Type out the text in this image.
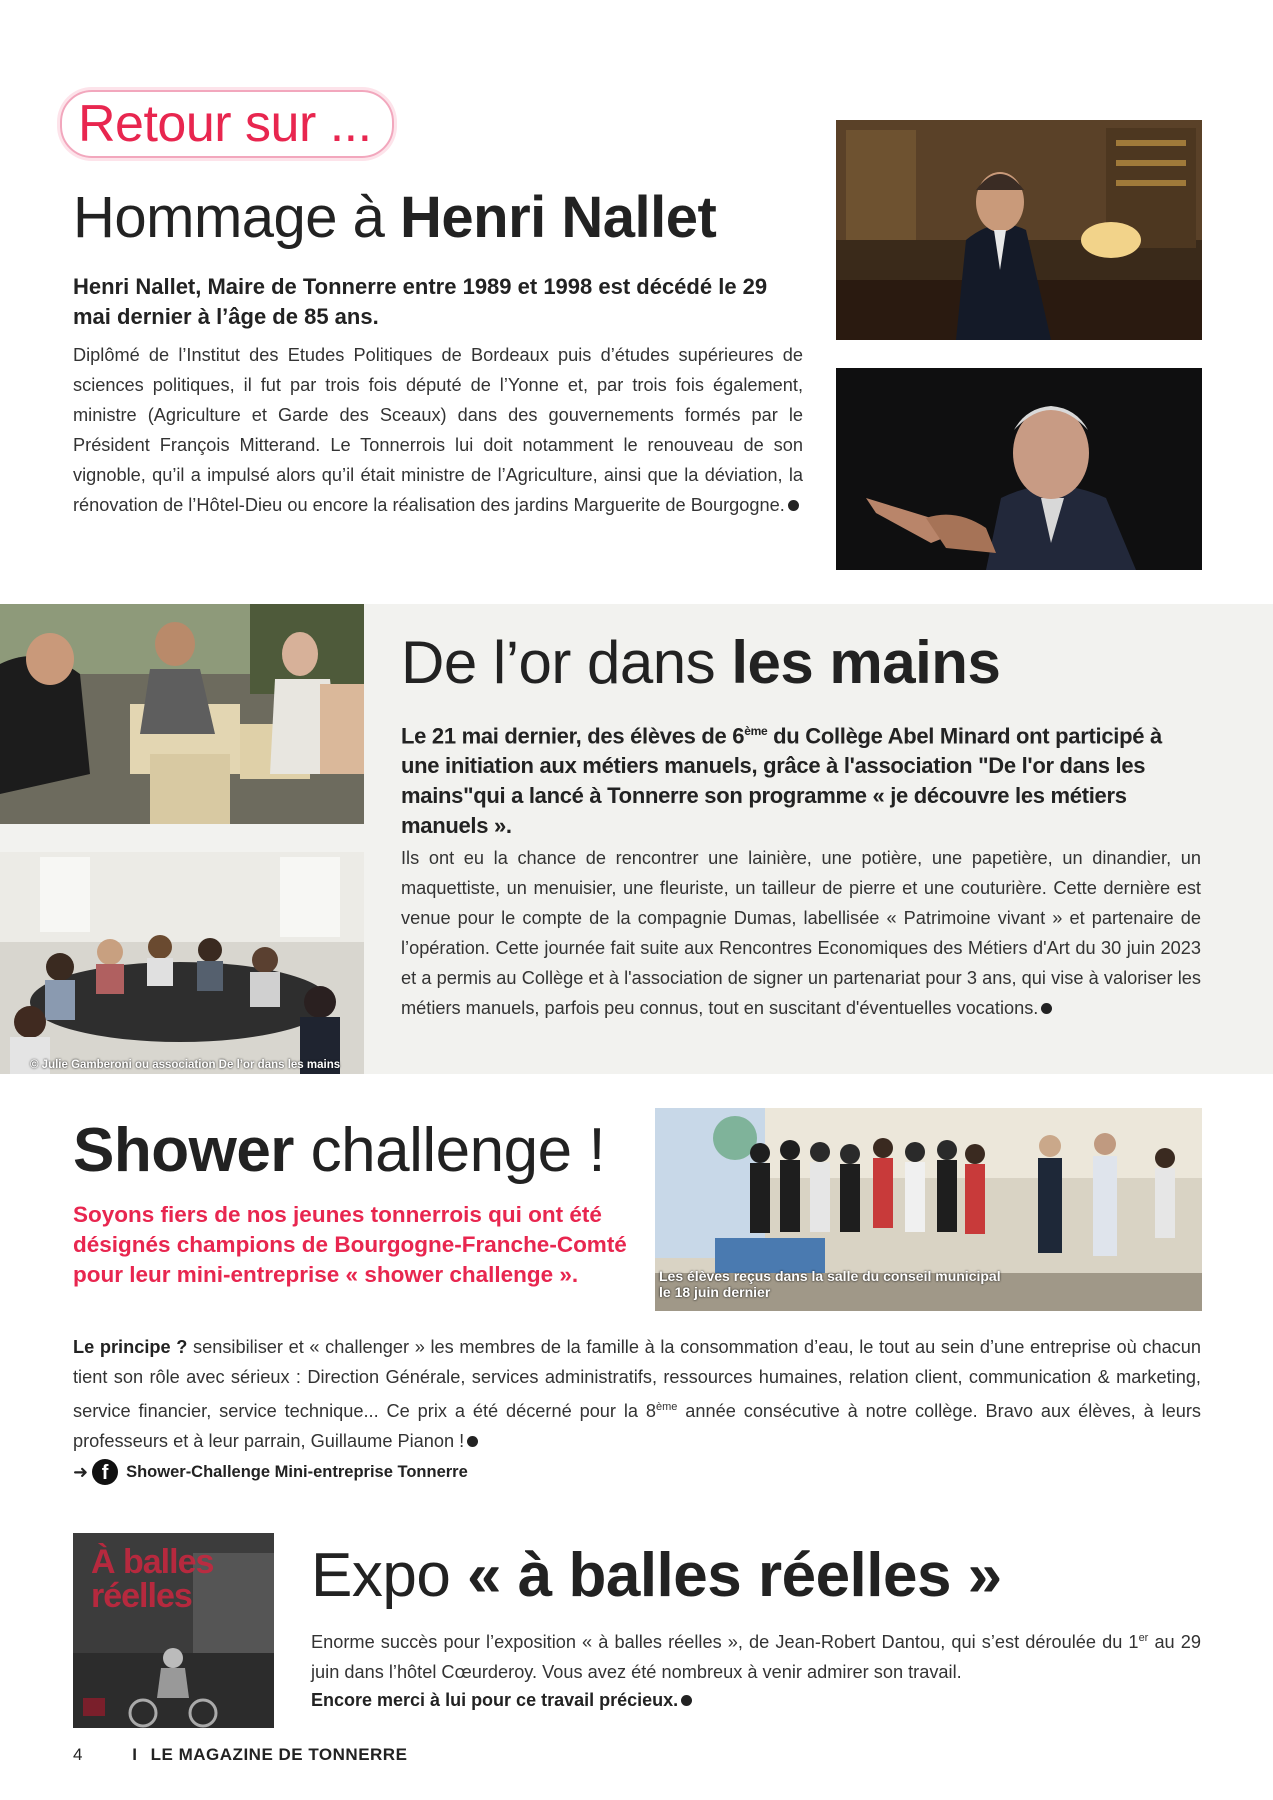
Retour sur ...
Hommage à Henri Nallet
Henri Nallet, Maire de Tonnerre entre 1989 et 1998 est décédé le 29 mai dernier à l’âge de 85 ans.
Diplômé de l’Institut des Etudes Politiques de Bordeaux puis d’études supérieures de sciences politiques, il fut par trois fois député de l’Yonne et, par trois fois également, ministre (Agriculture et Garde des Sceaux) dans des gouvernements formés par le Président François Mitterand. Le Tonnerrois lui doit notamment le renouveau de son vignoble, qu’il a impulsé alors qu’il était ministre de l’Agriculture, ainsi que la déviation, la rénovation de l’Hôtel-Dieu ou encore la réalisation des jardins Marguerite de Bourgogne.
© Julie Gamberoni ou association De l’or dans les mains
De l’or dans les mains
Le 21 mai dernier, des élèves de 6ème du Collège Abel Minard ont participé à une initiation aux métiers manuels, grâce à l'association "De l'or dans les mains"qui a lancé à Tonnerre son programme « je découvre les métiers manuels ».
Ils ont eu la chance de rencontrer une lainière, une potière, une papetière, un dinandier, un maquettiste, un menuisier, une fleuriste, un tailleur de pierre et une couturière. Cette dernière est venue pour le compte de la compagnie Dumas, labellisée « Patrimoine vivant » et partenaire de l’opération. Cette journée fait suite aux Rencontres Economiques des Métiers d'Art du 30 juin 2023 et a permis au Collège et à l'association de signer un partenariat pour 3 ans, qui vise à valoriser les métiers manuels, parfois peu connus, tout en suscitant d'éventuelles vocations.
Shower challenge !
Soyons fiers de nos jeunes tonnerrois qui ont été désignés champions de Bourgogne-Franche-Comté pour leur mini-entreprise « shower challenge ».	Les élèves reçus dans la salle du conseil municipal
le 18 juin dernier
Le principe ? sensibiliser et « challenger » les membres de la famille à la consommation d’eau, le tout au sein d’une entreprise où chacun tient son rôle avec sérieux : Direction Générale, services administratifs, ressources humaines, relation client, communication & marketing, service financier, service technique... Ce prix a été décerné pour la 8ème année consécutive à notre collège. Bravo aux élèves, à leurs professeurs et à leur parrain, Guillaume Pianon !
➜ f	Shower-Challenge Mini-entreprise Tonnerre
À balles
réelles	Expo « à balles réelles »
Enorme succès pour l’exposition « à balles réelles », de Jean-Robert Dantou, qui s’est déroulée du 1er au 29 juin dans l’hôtel Cœurderoy. Vous avez été nombreux à venir admirer son travail.
Encore merci à lui pour ce travail précieux.
4	I LE MAGAZINE DE TONNERRE
